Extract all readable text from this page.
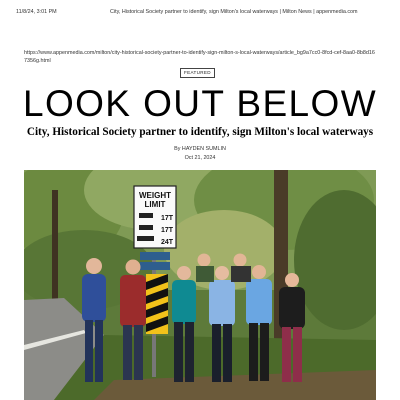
11/8/24, 3:01 PM	City, Historical Society partner to identify, sign Milton's local waterways | Milton News | appenmedia.com
https://www.appenmedia.com/milton/city-historical-society-partner-to-identify-sign-milton-s-local-waterways/article_bg9a7cc0-8fcd-cef-8aa0-8b8d167356g.html
FEATURED
LOOK OUT BELOW
City, Historical Society partner to identify, sign Milton's local waterways
By HAYDEN SUMLIN
Oct 21, 2024
WEIGHT
LIMIT
17T
17T
24T
